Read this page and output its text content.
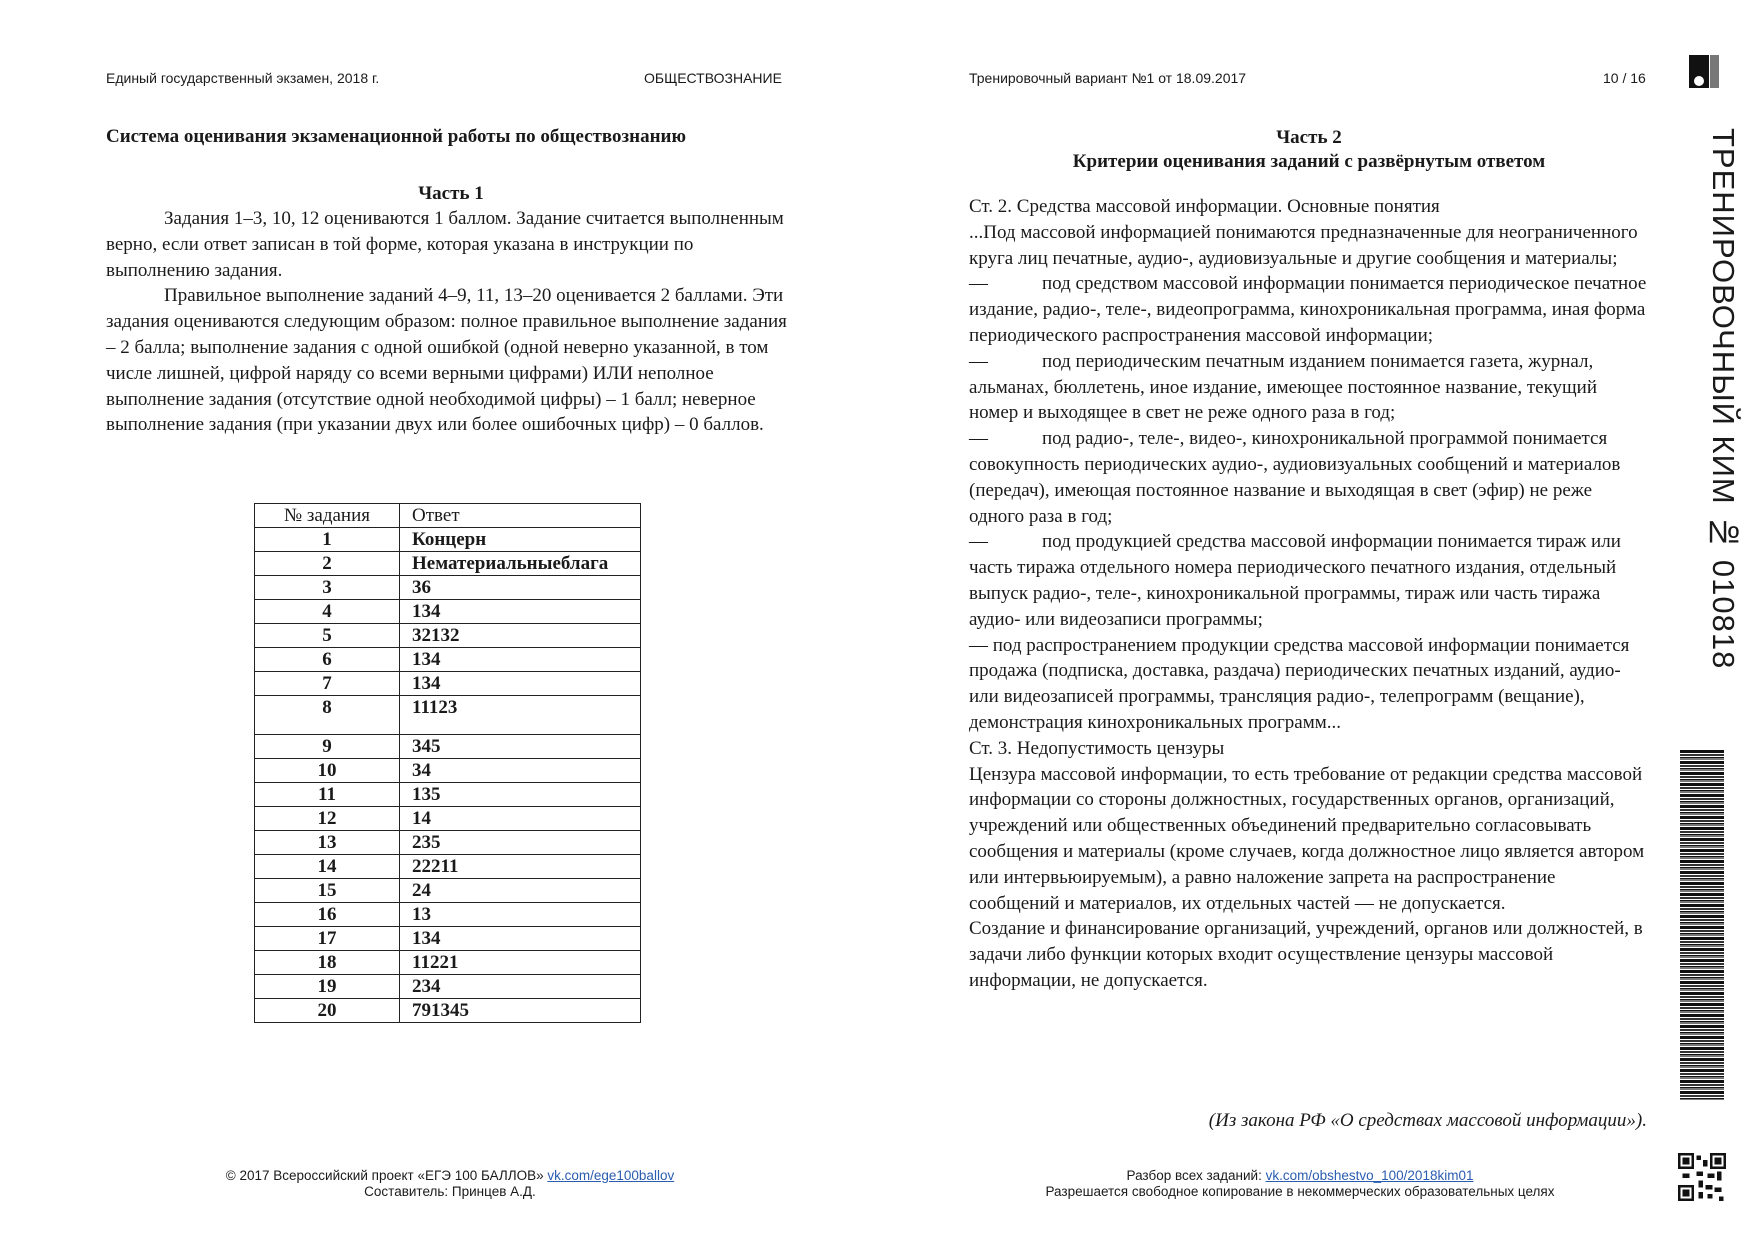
Единый государственный экзамен, 2018 г.	ОБЩЕСТВОЗНАНИЕ	Тренировочный вариант №1 от 18.09.2017	10 / 16

Система оценивания экзаменационной работы по обществознанию

Часть 1

Задания 1–3, 10, 12 оцениваются 1 баллом. Задание считается выполненным верно, если ответ записан в той форме, которая указана в инструкции по выполнению задания.

Правильное выполнение заданий 4–9, 11, 13–20 оценивается 2 баллами. Эти задания оцениваются следующим образом: полное правильное выполнение задания – 2 балла; выполнение задания с одной ошибкой (одной неверно указанной, в том числе лишней, цифрой наряду со всеми верными цифрами) ИЛИ неполное выполнение задания (отсутствие одной необходимой цифры) – 1 балл; неверное выполнение задания (при указании двух или более ошибочных цифр) – 0 баллов.

№ задания	Ответ
1	Концерн
2	Нематериальныеблага
3	36
4	134
5	32132
6	134
7	134
8	11123
9	345
10	34
11	135
12	14
13	235
14	22211
15	24
16	13
17	134
18	11221
19	234
20	791345

Часть 2

Критерии оценивания заданий с развёрнутым ответом

Ст. 2. Средства массовой информации. Основные понятия

...Под массовой информацией понимаются предназначенные для неограниченного круга лиц печатные, аудио-, аудиовизуальные и другие сообщения и материалы;

—	под средством массовой информации понимается периодическое печатное издание, радио-, теле-, видеопрограмма, кинохроникальная программа, иная форма периодического распространения массовой информации;

—	под периодическим печатным изданием понимается газета, журнал, альманах, бюллетень, иное издание, имеющее постоянное название, текущий номер и выходящее в свет не реже одного раза в год;

—	под радио-, теле-, видео-, кинохроникальной программой понимается совокупность периодических аудио-, аудиовизуальных сообщений и материалов (передач), имеющая постоянное название и выходящая в свет (эфир) не реже одного раза в год;

—	под продукцией средства массовой информации понимается тираж или часть тиража отдельного номера периодического печатного издания, отдельный выпуск радио-, теле-, кинохроникальной программы, тираж или часть тиража аудио- или видеозаписи программы;

— под распространением продукции средства массовой информации понимается продажа (подписка, доставка, раздача) периодических печатных изданий, аудио- или видеозаписей программы, трансляция радио-, телепрограмм (вещание), демонстрация кинохроникальных программ...

Ст. 3. Недопустимость цензуры

Цензура массовой информации, то есть требование от редакции средства массовой информации со стороны должностных, государственных органов, организаций, учреждений или общественных объединений предварительно согласовывать сообщения и материалы (кроме случаев, когда должностное лицо является автором или интервьюируемым), а равно наложение запрета на распространение сообщений и материалов, их отдельных частей — не допускается.

Создание и финансирование организаций, учреждений, органов или должностей, в задачи либо функции которых входит осуществление цензуры массовой информации, не допускается.

(Из закона РФ «О средствах массовой информации»).
© 2017 Всероссийский проект «ЕГЭ 100 БАЛЛОВ» vk.com/ege100ballov
Составитель: Принцев А.Д.
Разбор всех заданий: vk.com/obshestvo_100/2018kim01
Разрешается свободное копирование в некоммерческих образовательных целях
ТРЕНИРОВОЧНЫЙ КИМ № 010818
